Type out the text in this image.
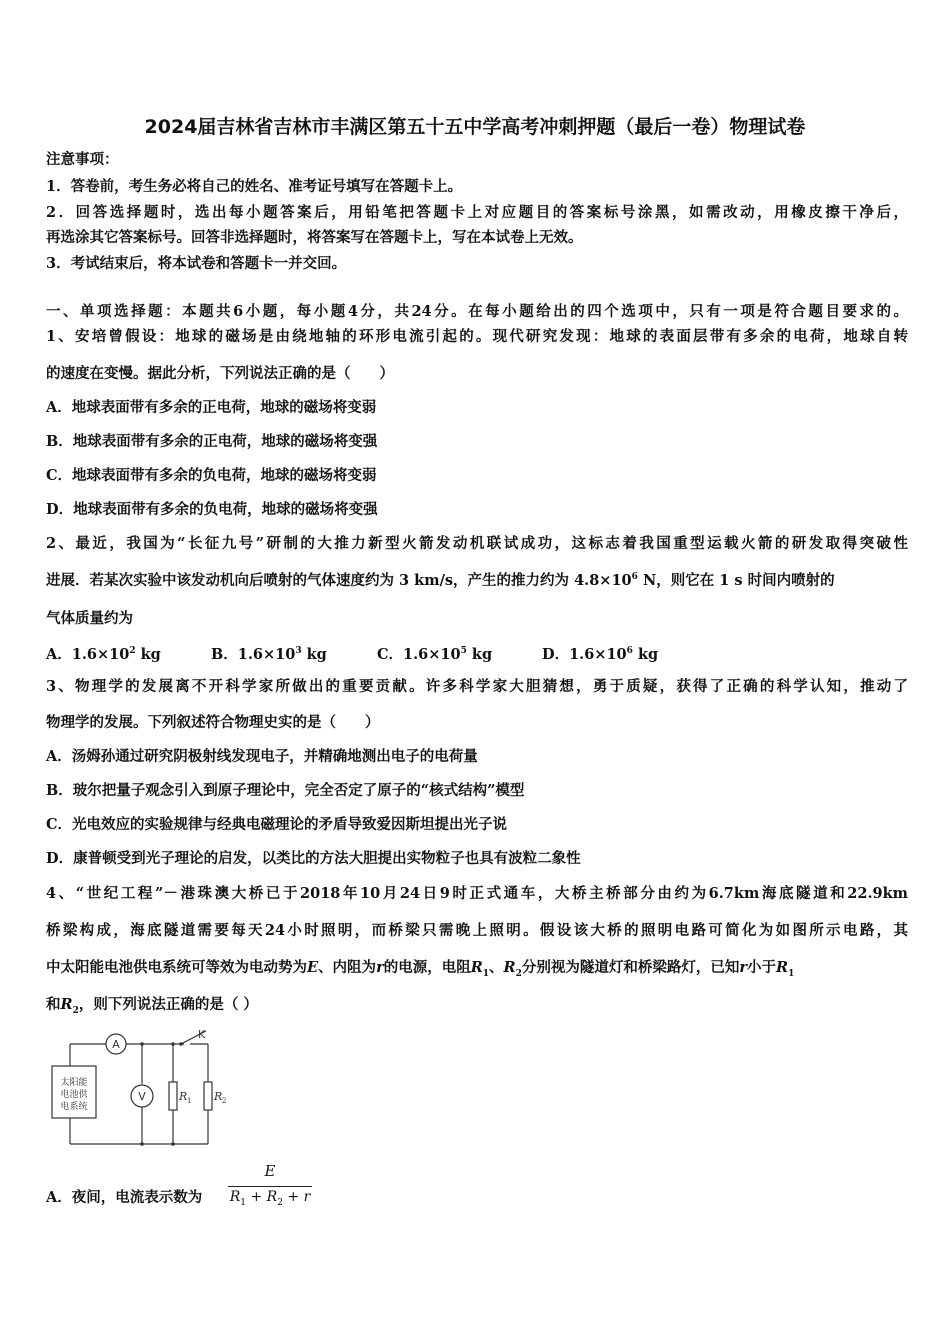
2024届吉林省吉林市丰满区第五十五中学高考冲刺押题（最后一卷）物理试卷
注意事项：
1．答卷前，考生务必将自己的姓名、准考证号填写在答题卡上。
2．回答选择题时，选出每小题答案后，用铅笔把答题卡上对应题目的答案标号涂黑，如需改动，用橡皮擦干净后，
再选涂其它答案标号。回答非选择题时，将答案写在答题卡上，写在本试卷上无效。
3．考试结束后，将本试卷和答题卡一并交回。
一、单项选择题：本题共6小题，每小题4分，共24分。在每小题给出的四个选项中，只有一项是符合题目要求的。
1、安培曾假设：地球的磁场是由绕地轴的环形电流引起的。现代研究发现：地球的表面层带有多余的电荷，地球自转
的速度在变慢。据此分析，下列说法正确的是（　　）
A．地球表面带有多余的正电荷，地球的磁场将变弱
B．地球表面带有多余的正电荷，地球的磁场将变强
C．地球表面带有多余的负电荷，地球的磁场将变弱
D．地球表面带有多余的负电荷，地球的磁场将变强
2、最近，我国为“长征九号”研制的大推力新型火箭发动机联试成功，这标志着我国重型运载火箭的研发取得突破性
进展．若某次实验中该发动机向后喷射的气体速度约为 3 km/s，产生的推力约为 $4.8\times 10^6$ N，则它在 1 s 时间内喷射的
气体质量约为
A．$1.6\times 10^2$ kg	B．$1.6\times 10^3$ kg	C．$1.6\times 10^5$ kg	D．$1.6\times 10^6$ kg
3、物理学的发展离不开科学家所做出的重要贡献。许多科学家大胆猜想，勇于质疑，获得了正确的科学认知，推动了
物理学的发展。下列叙述符合物理史实的是（　　）
A．汤姆孙通过研究阴极射线发现电子，并精确地测出电子的电荷量
B．玻尔把量子观念引入到原子理论中，完全否定了原子的“核式结构”模型
C．光电效应的实验规律与经典电磁理论的矛盾导致爱因斯坦提出光子说
D．康普顿受到光子理论的启发，以类比的方法大胆提出实物粒子也具有波粒二象性
4、“世纪工程”－港珠澳大桥已于2018年10月24日9时正式通车，大桥主桥部分由约为6.7km海底隧道和22.9km
桥梁构成，海底隧道需要每天24小时照明，而桥梁只需晚上照明。假设该大桥的照明电路可简化为如图所示电路，其
中太阳能电池供电系统可等效为电动势为E、内阻为r的电源，电阻$R_1$、$R_2$分别视为隧道灯和桥梁路灯，已知r小于$R_1$
和$R_2$，则下列说法正确的是（ ）
太阳能
电池供
电系统
A
V
K
R 1 R 2
A．夜间，电流表示数为
E
$R_1 + R_2 + r$
